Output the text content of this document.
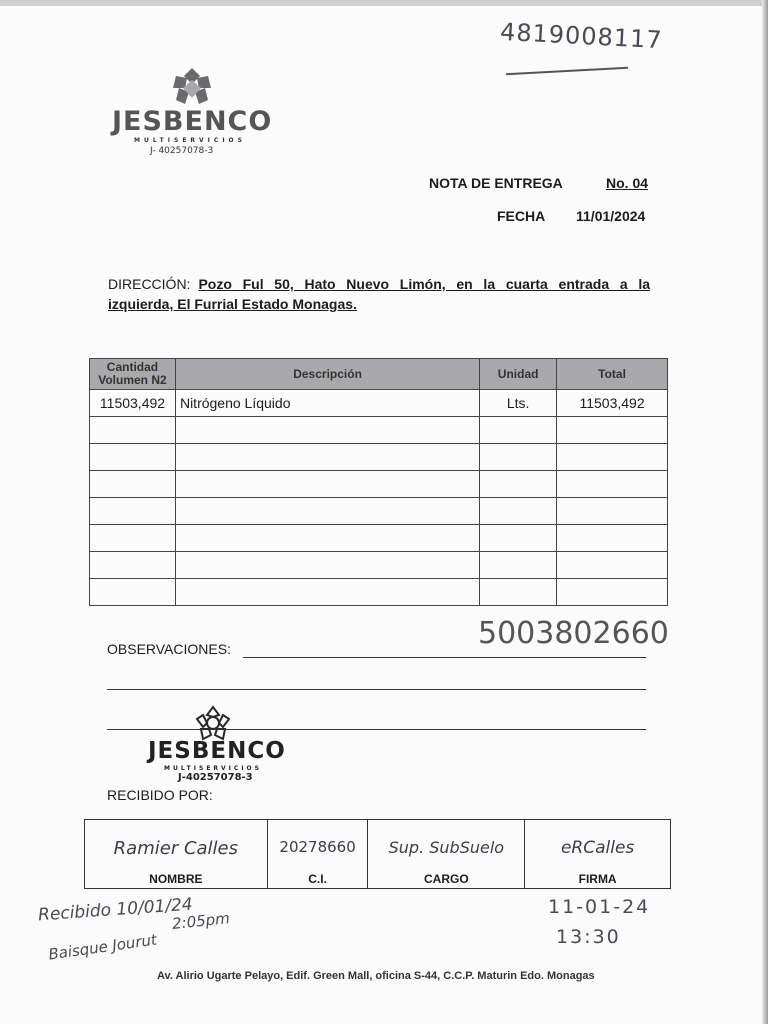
4819008117
JESBENCO
MULTISERVICIOS
J- 40257078-3
NOTA DE ENTREGA	No. 04
FECHA 11/01/2024
DIRECCIÓN: Pozo Ful 50, Hato Nuevo Limón, en la cuarta entrada a la
izquierda, El Furrial Estado Monagas.
Cantidad Volumen N2	Descripción	Unidad	Total
11503,492	Nitrógeno Líquido	Lts.	11503,492

OBSERVACIONES:	5003802660
JESBENCO
MULTISERVICIOS
J-40257078-3
RECIBIDO POR:
Ramier Calles
NOMBRE

20278660
C.I.

Sup. SubSuelo
CARGO

eRCalles
FIRMA
Recibido 10/01/24
2:05pm
Baisque Jourut
11-01-24
13:30
Av. Alirio Ugarte Pelayo, Edif. Green Mall, oficina S-44, C.C.P. Maturin Edo. Monagas
